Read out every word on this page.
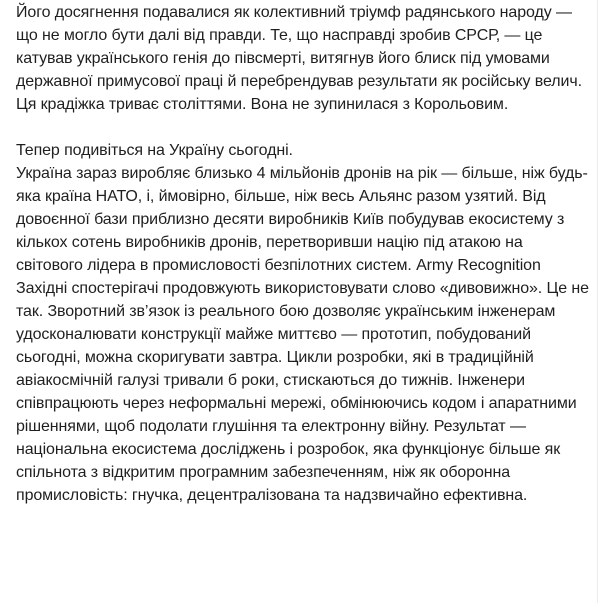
Його досягнення подавалися як колективний тріумф радянського народу — що не могло бути далі від правди. Те, що насправді зробив СРСР, — це катував українського генія до півсмерті, витягнув його блиск під умовами державної примусової праці й перебрендував результати як російську велич. Ця крадіжка триває століттями. Вона не зупинилася з Корольовим.

Тепер подивіться на Україну сьогодні.

Україна зараз виробляє близько 4 мільйонів дронів на рік — більше, ніж будь-яка країна НАТО, і, ймовірно, більше, ніж весь Альянс разом узятий. Від довоєнної бази приблизно десяти виробників Київ побудував екосистему з кількох сотень виробників дронів, перетворивши націю під атакою на світового лідера в промисловості безпілотних систем. Army Recognition

Західні спостерігачі продовжують використовувати слово «дивовижно». Це не так. Зворотний зв’язок із реального бою дозволяє українським інженерам удосконалювати конструкції майже миттєво — прототип, побудований сьогодні, можна скоригувати завтра. Цикли розробки, які в традиційній авіакосмічній галузі тривали б роки, стискаються до тижнів. Інженери співпрацюють через неформальні мережі, обмінюючись кодом і апаратними рішеннями, щоб подолати глушіння та електронну війну. Результат — національна екосистема досліджень і розробок, яка функціонує більше як спільнота з відкритим програмним забезпеченням, ніж як оборонна промисловість: гнучка, децентралізована та надзвичайно ефективна.
